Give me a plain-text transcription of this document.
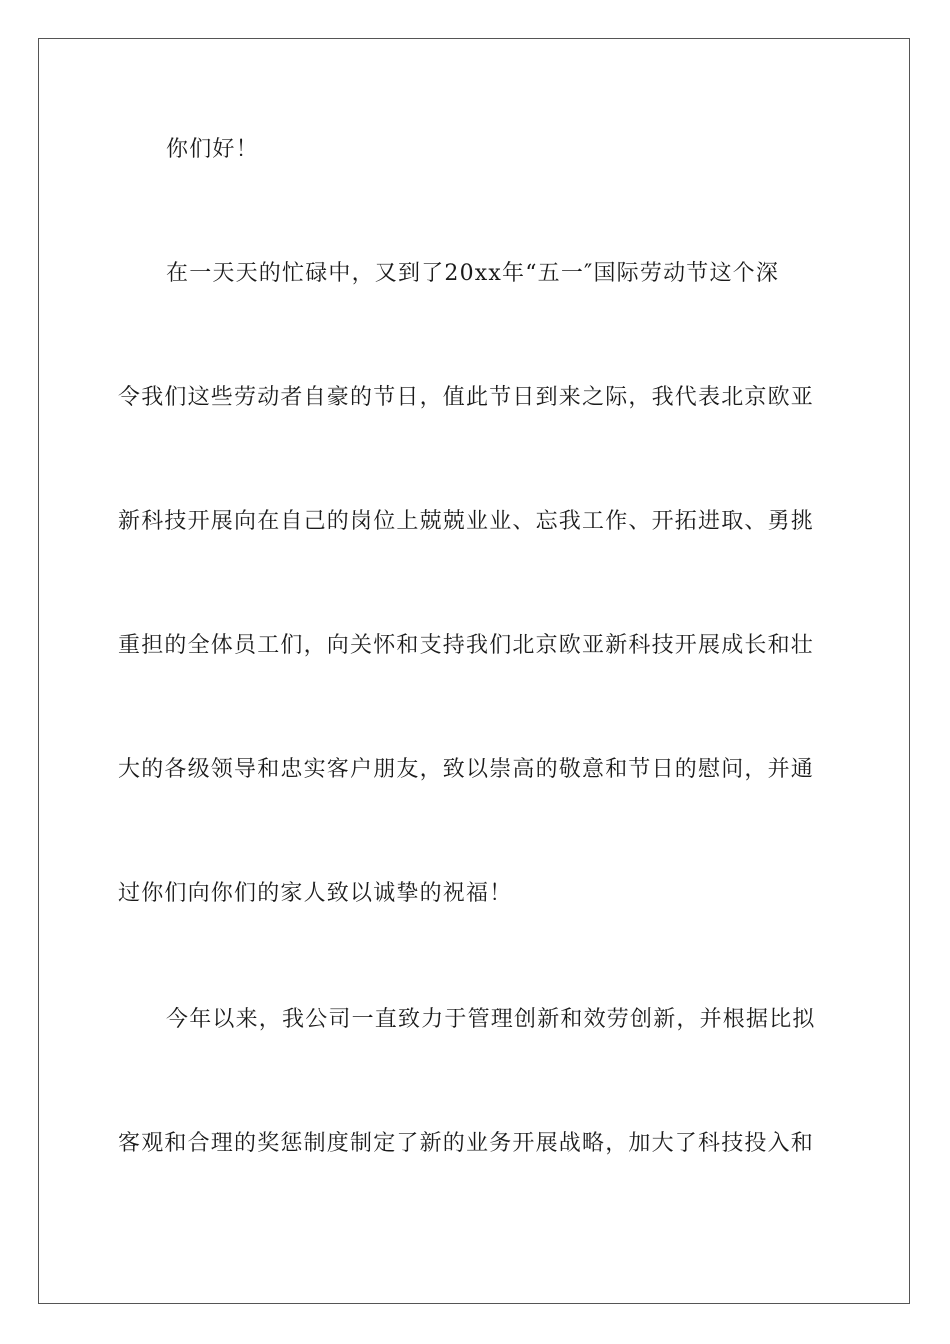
你们好！
在一天天的忙碌中，又到了20xx年“五一″国际劳动节这个深
令我们这些劳动者自豪的节日，值此节日到来之际，我代表北京欧亚
新科技开展向在自己的岗位上兢兢业业、忘我工作、开拓进取、勇挑
重担的全体员工们，向关怀和支持我们北京欧亚新科技开展成长和壮
大的各级领导和忠实客户朋友，致以崇高的敬意和节日的慰问，并通
过你们向你们的家人致以诚挚的祝福！
今年以来，我公司一直致力于管理创新和效劳创新，并根据比拟
客观和合理的奖惩制度制定了新的业务开展战略，加大了科技投入和
